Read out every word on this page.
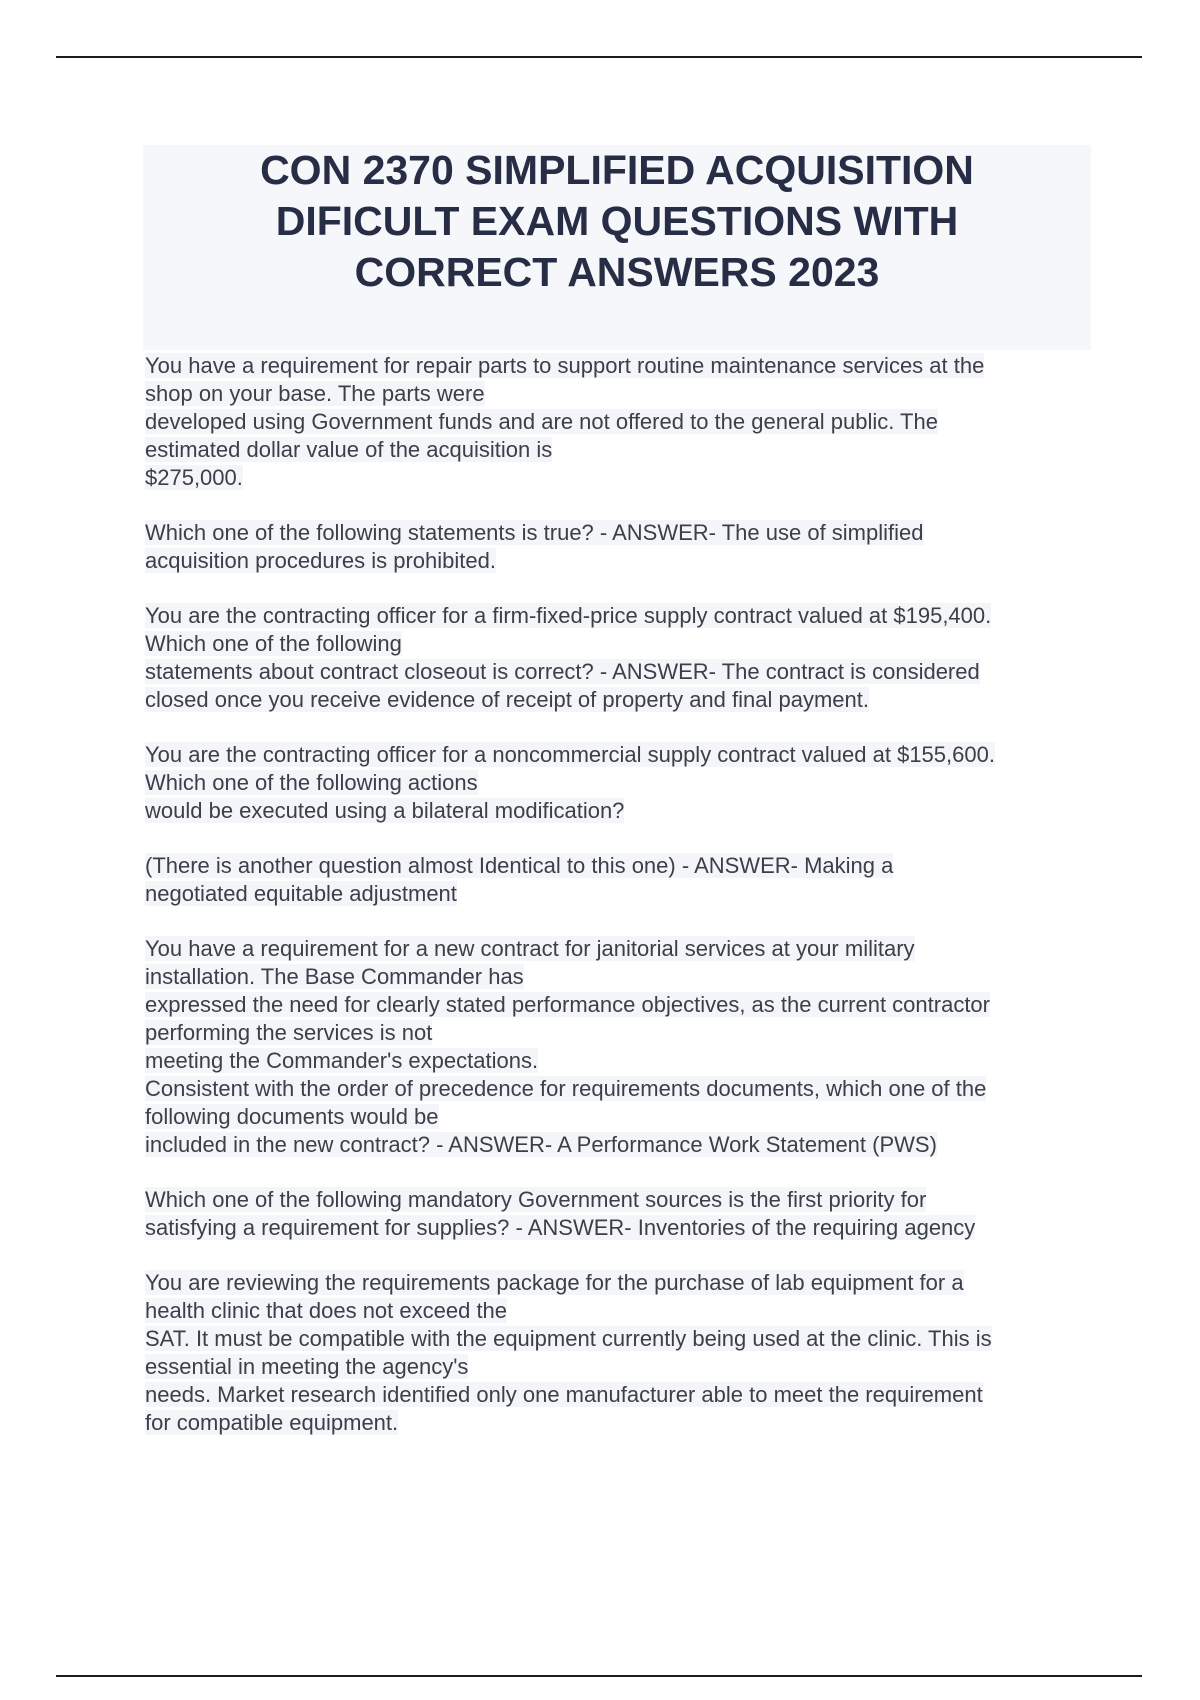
CON 2370 SIMPLIFIED ACQUISITION
DIFICULT EXAM QUESTIONS WITH
CORRECT ANSWERS 2023

You have a requirement for repair parts to support routine maintenance services at the
shop on your base. The parts were
developed using Government funds and are not offered to the general public. The
estimated dollar value of the acquisition is
$275,000.

Which one of the following statements is true? - ANSWER- The use of simplified
acquisition procedures is prohibited.

You are the contracting officer for a firm-fixed-price supply contract valued at $195,400.
Which one of the following
statements about contract closeout is correct? - ANSWER- The contract is considered
closed once you receive evidence of receipt of property and final payment.

You are the contracting officer for a noncommercial supply contract valued at $155,600.
Which one of the following actions
would be executed using a bilateral modification?

(There is another question almost Identical to this one) - ANSWER- Making a
negotiated equitable adjustment

You have a requirement for a new contract for janitorial services at your military
installation. The Base Commander has
expressed the need for clearly stated performance objectives, as the current contractor
performing the services is not
meeting the Commander's expectations.
Consistent with the order of precedence for requirements documents, which one of the
following documents would be
included in the new contract? - ANSWER- A Performance Work Statement (PWS)

Which one of the following mandatory Government sources is the first priority for
satisfying a requirement for supplies? - ANSWER- Inventories of the requiring agency

You are reviewing the requirements package for the purchase of lab equipment for a
health clinic that does not exceed the
SAT. It must be compatible with the equipment currently being used at the clinic. This is
essential in meeting the agency's
needs. Market research identified only one manufacturer able to meet the requirement
for compatible equipment.
